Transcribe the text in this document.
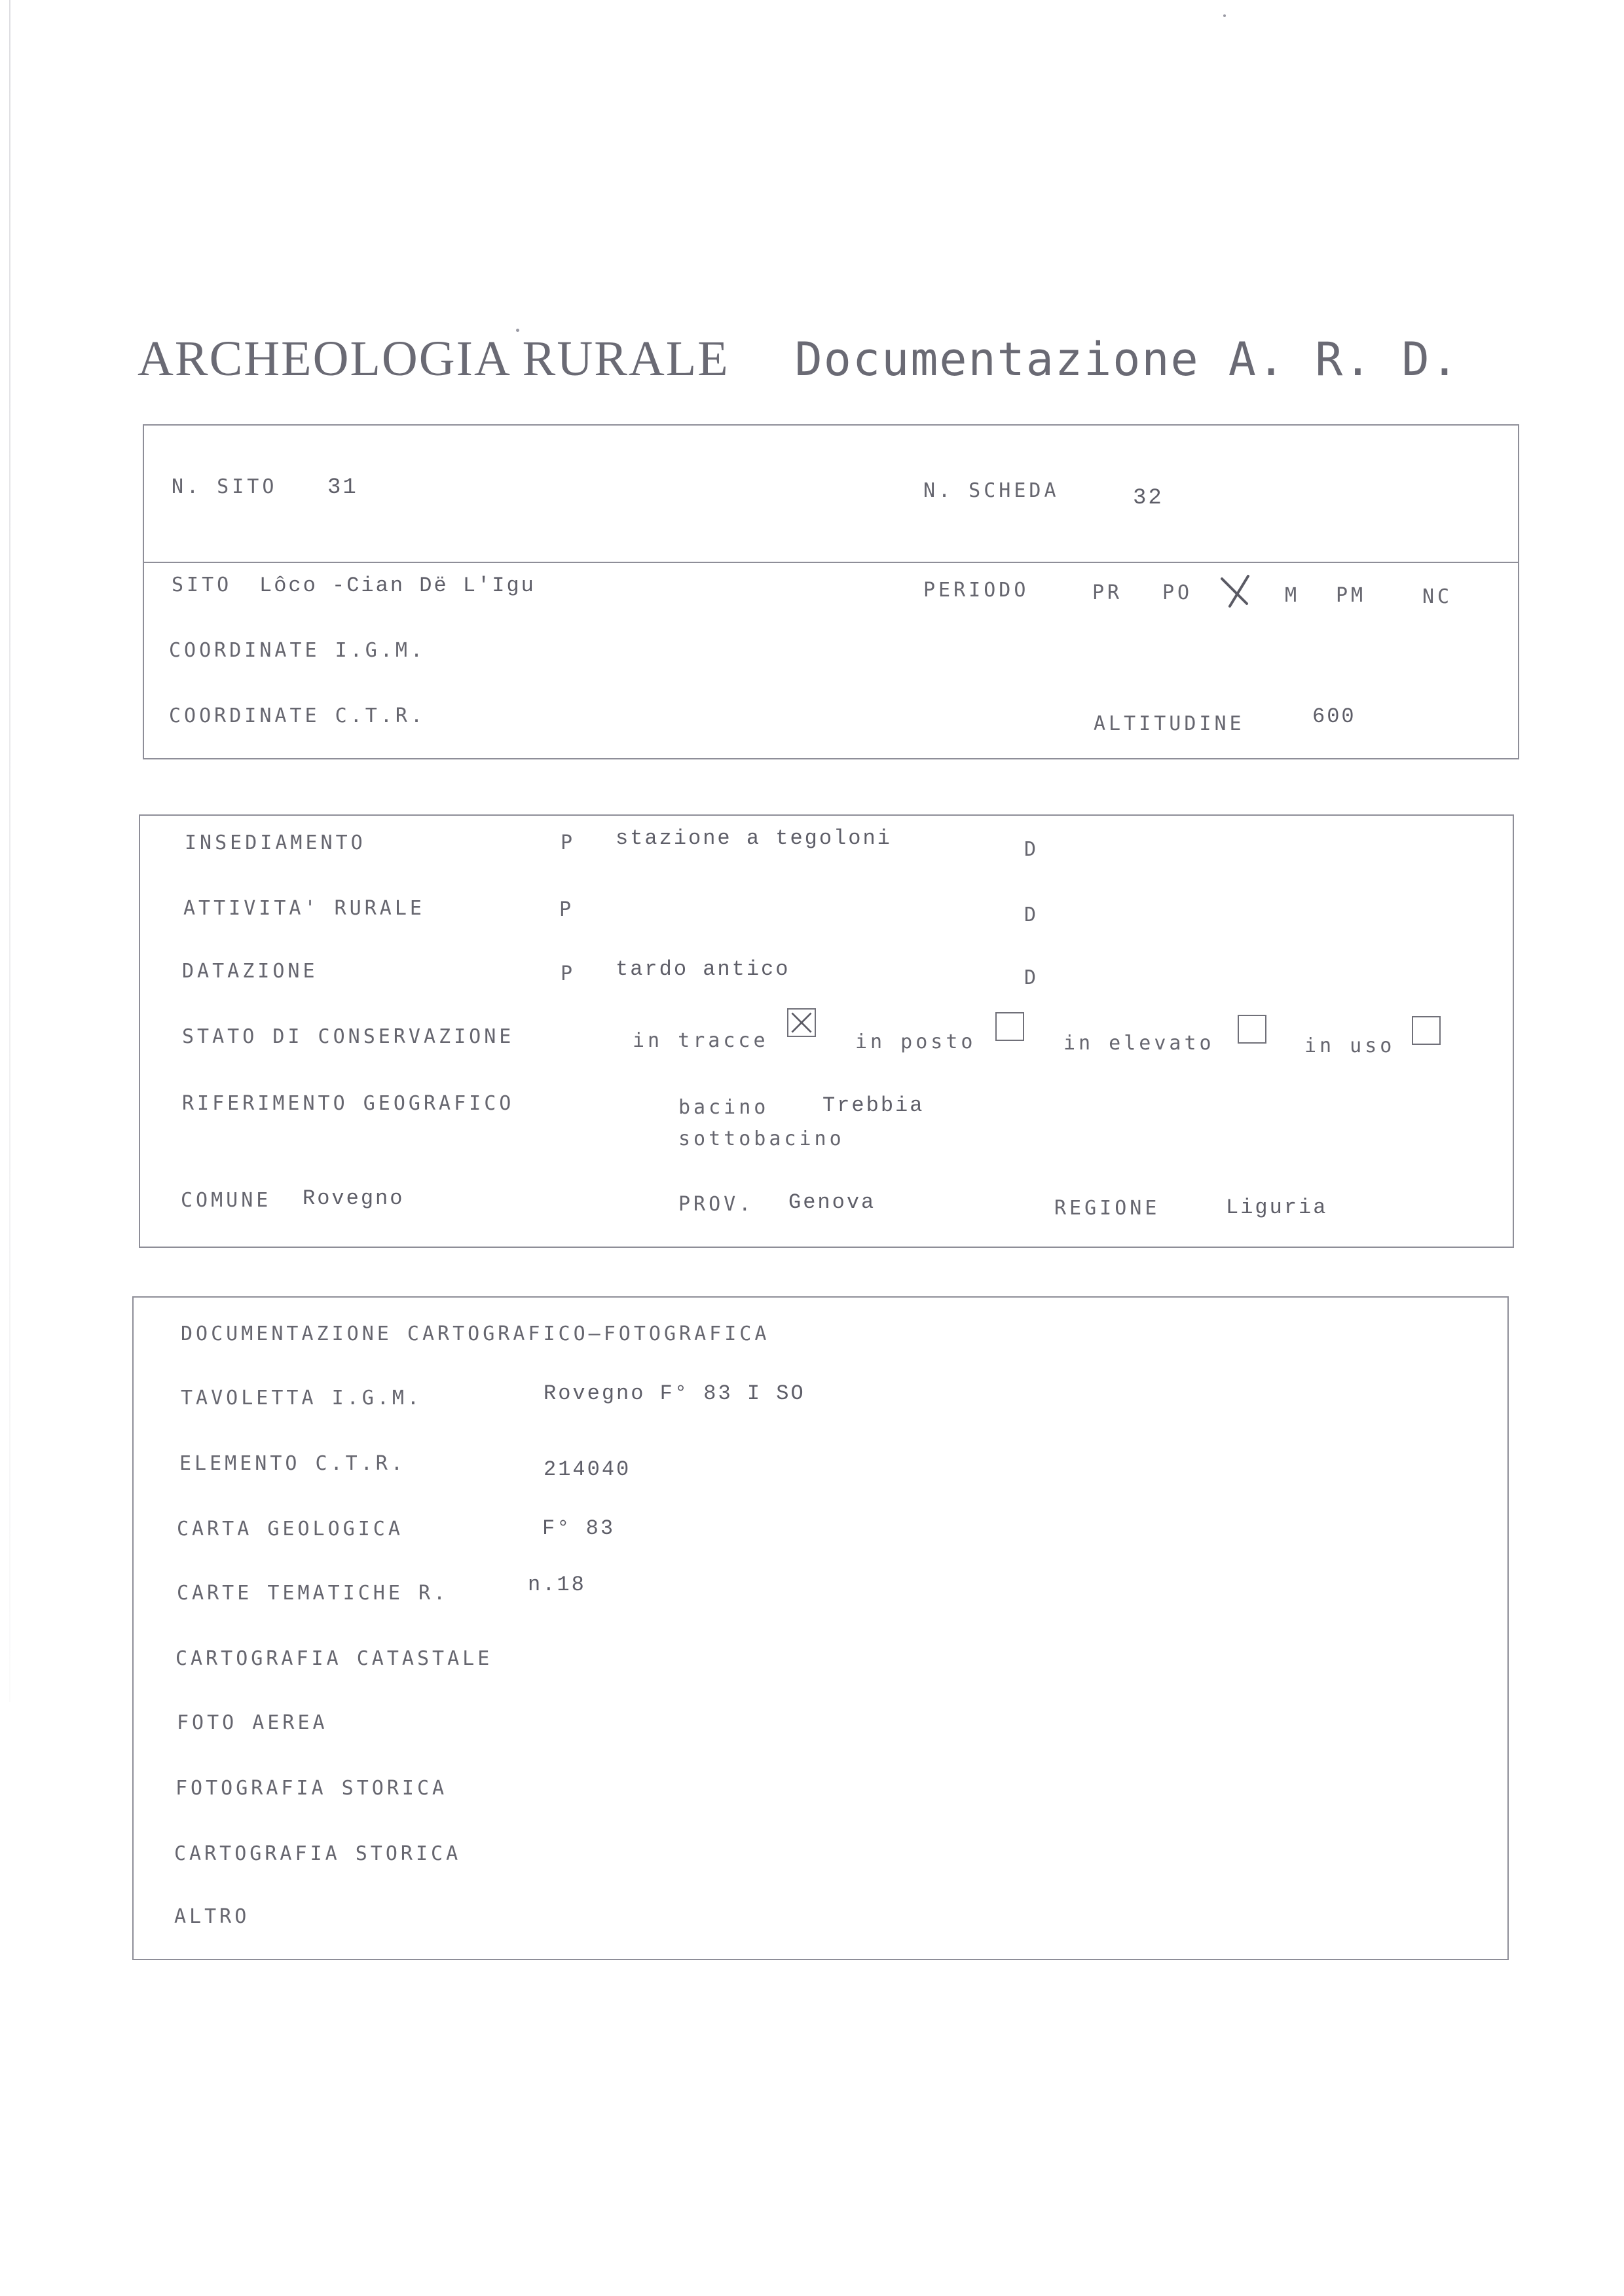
ARCHEOLOGIA RURALE Documentazione A. R. D.
N. SITO 31	N. SCHEDA	32
SITO Lôco -Cian Dë L'Igu	PERIODO	PR PO	M PM	NC
COORDINATE I.G.M.
COORDINATE C.T.R.	ALTITUDINE	600
INSEDIAMENTO	P stazione a tegoloni	D
ATTIVITA' RURALE	P	D
DATAZIONE	P tardo antico	D
STATO DI CONSERVAZIONE	in tracce	in posto	in elevato	in uso
RIFERIMENTO GEOGRAFICO	bacino	Trebbia
sottobacino
COMUNE Rovegno	PROV. Genova	REGIONE	Liguria
DOCUMENTAZIONE CARTOGRAFICO—FOTOGRAFICA
TAVOLETTA I.G.M.	Rovegno F° 83 I SO
ELEMENTO C.T.R.	214040
CARTA GEOLOGICA	F° 83
CARTE TEMATICHE R.	n.18
CARTOGRAFIA CATASTALE
FOTO AEREA
FOTOGRAFIA STORICA
CARTOGRAFIA STORICA
ALTRO
